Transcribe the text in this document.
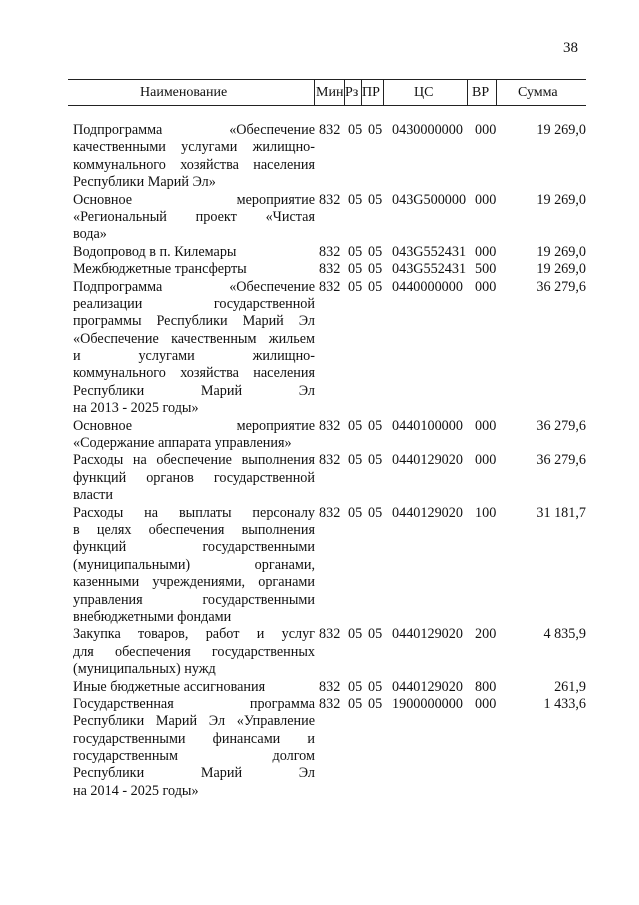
38
Наименование	Мин Рз ПР ЦС	ВР Сумма
Подпрограмма «Обеспечение
качественными услугами жилищно-
коммунального хозяйства населения
Республики Марий Эл»
832 05 05 0430000000 000	19 269,0
Основное мероприятие
«Региональный проект «Чистая
вода»
832 05 05 043G500000 000	19 269,0
Водопровод в п. Килемары	832 05 05 043G552431 000	19 269,0
Межбюджетные трансферты	832 05 05 043G552431 500	19 269,0
Подпрограмма «Обеспечение
реализации государственной
программы Республики Марий Эл
«Обеспечение качественным жильем
и услугами жилищно-
коммунального хозяйства населения
Республики Марий Эл
на 2013 - 2025 годы»
832 05 05 0440000000 000	36 279,6
Основное мероприятие
«Содержание аппарата управления»
832 05 05 0440100000 000	36 279,6
Расходы на обеспечение выполнения
функций органов государственной
власти
832 05 05 0440129020 000	36 279,6
Расходы на выплаты персоналу
в целях обеспечения выполнения
функций государственными
(муниципальными) органами,
казенными учреждениями, органами
управления государственными
внебюджетными фондами
832 05 05 0440129020 100	31 181,7
Закупка товаров, работ и услуг
для обеспечения государственных
(муниципальных) нужд
832 05 05 0440129020 200	4 835,9
Иные бюджетные ассигнования	832 05 05 0440129020 800	261,9
Государственная программа
Республики Марий Эл «Управление
государственными финансами и
государственным долгом
Республики Марий Эл
на 2014 - 2025 годы»
832 05 05 1900000000 000	1 433,6
